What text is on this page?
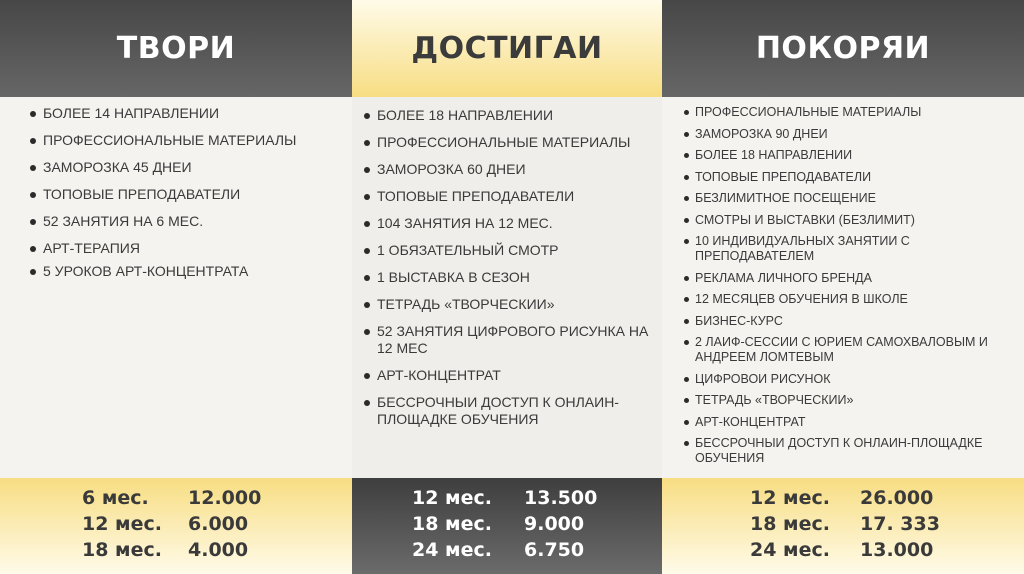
ТВОРИ
БОЛЕЕ 14 НАПРАВЛЕНИИ
ПРОФЕССИОНАЛЬНЫЕ МАТЕРИАЛЫ
ЗАМОРОЗКА 45 ДНЕИ
ТОПОВЫЕ ПРЕПОДАВАТЕЛИ
52 ЗАНЯТИЯ НА 6 МЕС.
АРТ-ТЕРАПИЯ
5 УРОКОВ АРТ-КОНЦЕНТРАТА
6 мес. 12.000
12 мес. 6.000
18 мес. 4.000
ДОСТИГАИ
БОЛЕЕ 18 НАПРАВЛЕНИИ
ПРОФЕССИОНАЛЬНЫЕ МАТЕРИАЛЫ
ЗАМОРОЗКА 60 ДНЕИ
ТОПОВЫЕ ПРЕПОДАВАТЕЛИ
104 ЗАНЯТИЯ НА 12 МЕС.
1 ОБЯЗАТЕЛЬНЫЙ СМОТР
1 ВЫСТАВКА В СЕЗОН
ТЕТРАДЬ «ТВОРЧЕСКИИ»
52 ЗАНЯТИЯ ЦИФРОВОГО РИСУНКА НА 12 МЕС
АРТ-КОНЦЕНТРАТ
БЕССРОЧНЫИ ДОСТУП К ОНЛАИН-ПЛОЩАДКЕ ОБУЧЕНИЯ
12 мес. 13.500
18 мес. 9.000
24 мес. 6.750
ПОКОРЯИ
ПРОФЕССИОНАЛЬНЫЕ МАТЕРИАЛЫ
ЗАМОРОЗКА 90 ДНЕИ
БОЛЕЕ 18 НАПРАВЛЕНИИ
ТОПОВЫЕ ПРЕПОДАВАТЕЛИ
БЕЗЛИМИТНОЕ ПОСЕЩЕНИЕ
СМОТРЫ И ВЫСТАВКИ (БЕЗЛИМИТ)
10 ИНДИВИДУАЛЬНЫХ ЗАНЯТИИ С ПРЕПОДАВАТЕЛЕМ
РЕКЛАМА ЛИЧНОГО БРЕНДА
12 МЕСЯЦЕВ ОБУЧЕНИЯ В ШКОЛЕ
БИЗНЕС-КУРС
2 ЛАИФ-СЕССИИ С ЮРИЕМ САМОХВАЛОВЫМ И АНДРЕЕМ ЛОМТЕВЫМ
ЦИФРОВОИ РИСУНОК
ТЕТРАДЬ «ТВОРЧЕСКИИ»
АРТ-КОНЦЕНТРАТ
БЕССРОЧНЫИ ДОСТУП К ОНЛАИН-ПЛОЩАДКЕ ОБУЧЕНИЯ
12 мес. 26.000
18 мес. 17. 333
24 мес. 13.000
